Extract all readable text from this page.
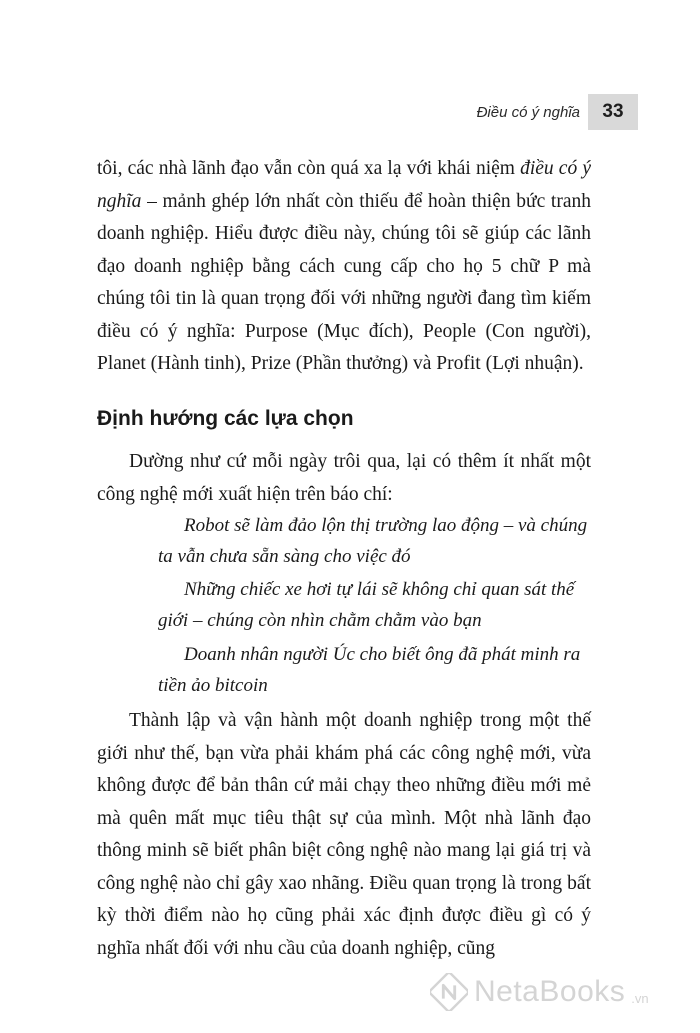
Điều có ý nghĩa 33
tôi, các nhà lãnh đạo vẫn còn quá xa lạ với khái niệm điều có ý nghĩa – mảnh ghép lớn nhất còn thiếu để hoàn thiện bức tranh doanh nghiệp. Hiểu được điều này, chúng tôi sẽ giúp các lãnh đạo doanh nghiệp bằng cách cung cấp cho họ 5 chữ P mà chúng tôi tin là quan trọng đối với những người đang tìm kiếm điều có ý nghĩa: Purpose (Mục đích), People (Con người), Planet (Hành tinh), Prize (Phần thưởng) và Profit (Lợi nhuận).
Định hướng các lựa chọn
Dường như cứ mỗi ngày trôi qua, lại có thêm ít nhất một công nghệ mới xuất hiện trên báo chí:
Robot sẽ làm đảo lộn thị trường lao động – và chúng ta vẫn chưa sẵn sàng cho việc đó
Những chiếc xe hơi tự lái sẽ không chỉ quan sát thế giới – chúng còn nhìn chằm chằm vào bạn
Doanh nhân người Úc cho biết ông đã phát minh ra tiền ảo bitcoin
Thành lập và vận hành một doanh nghiệp trong một thế giới như thế, bạn vừa phải khám phá các công nghệ mới, vừa không được để bản thân cứ mải chạy theo những điều mới mẻ mà quên mất mục tiêu thật sự của mình. Một nhà lãnh đạo thông minh sẽ biết phân biệt công nghệ nào mang lại giá trị và công nghệ nào chỉ gây xao nhãng. Điều quan trọng là trong bất kỳ thời điểm nào họ cũng phải xác định được điều gì có ý nghĩa nhất đối với nhu cầu của doanh nghiệp, cũng
NetaBooks .vn
